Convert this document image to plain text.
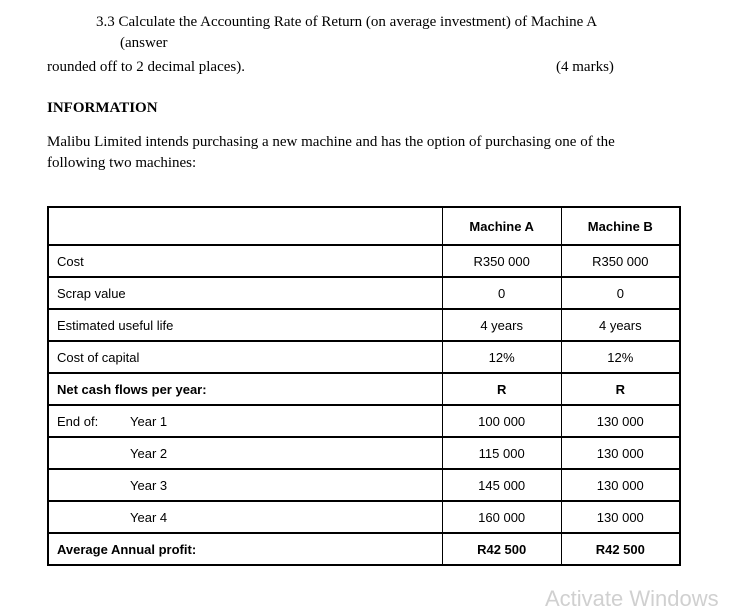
3.3 Calculate the Accounting Rate of Return (on average investment) of Machine A
(answer
rounded off to 2 decimal places).	(4 marks)
INFORMATION
Malibu Limited intends purchasing a new machine and has the option of purchasing one of the
following two machines:
	Machine A	Machine B
Cost	R350 000	R350 000
Scrap value	0	0
Estimated useful life	4 years	4 years
Cost of capital	12%	12%
Net cash flows per year:	R	R
End of: Year 1	100 000	130 000
Year 2	115 000	130 000
Year 3	145 000	130 000
Year 4	160 000	130 000
Average Annual profit:	R42 500	R42 500
Activate Windows
